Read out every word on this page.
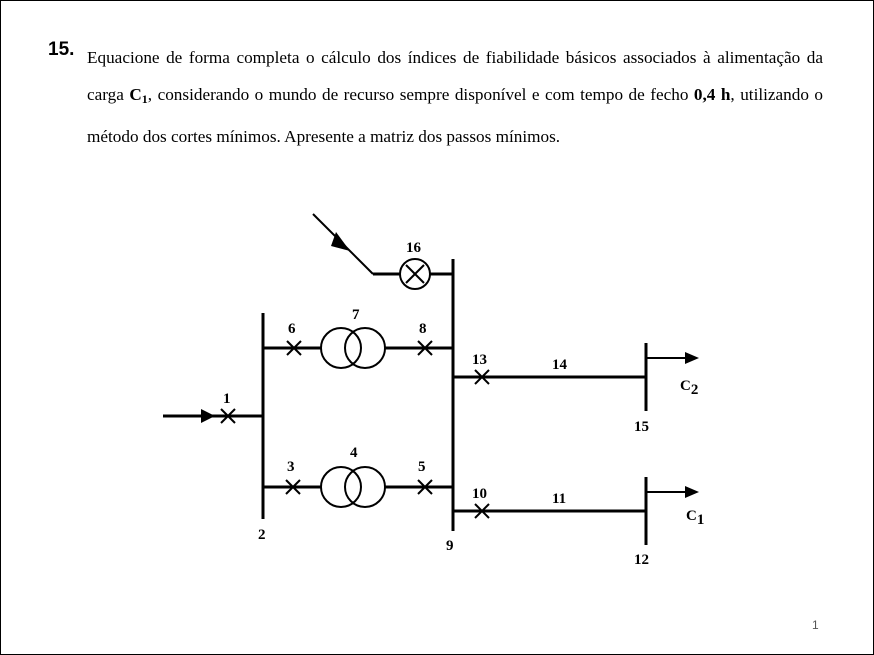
15. Equacione de forma completa o cálculo dos índices de fiabilidade básicos associados à alimentação da carga $C_1$, considerando o mundo de recurso sempre disponível e com tempo de fecho 0,4 h, utilizando o método dos cortes mínimos. Apresente a matriz dos passos mínimos.
1
2
3
4
5
6
7
8
9
10	11
12
13	14
15
16
C2
C1
1
